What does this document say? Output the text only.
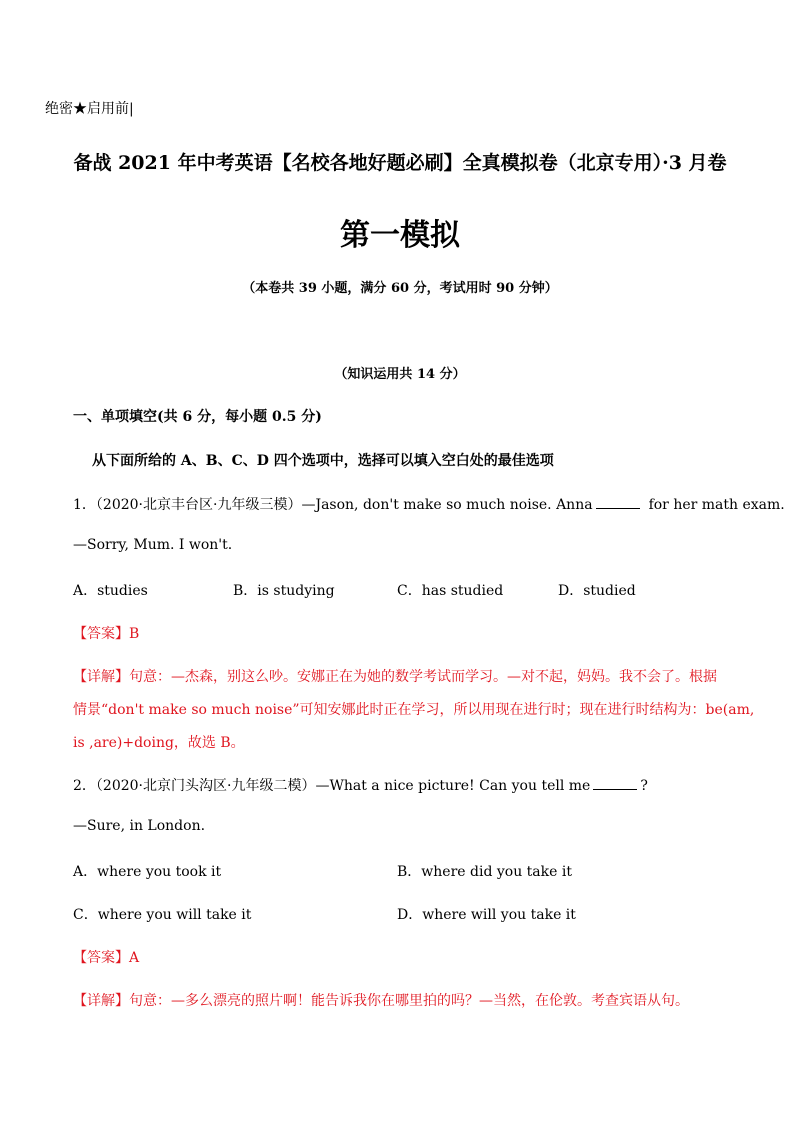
绝密★启用前|
备战 2021 年中考英语【名校各地好题必刷】全真模拟卷（北京专用）·3 月卷
第一模拟
（本卷共 39 小题，满分 60 分，考试用时 90 分钟）
（知识运用共 14 分）
一、单项填空(共 6 分，每小题 0.5 分)
从下面所给的 A、B、C、D 四个选项中，选择可以填入空白处的最佳选项
1．（2020·北京丰台区·九年级三模）—Jason, don't make so much noise. Anna	for her math exam.
—Sorry, Mum. I won't.
A．studies	B．is studying	C．has studied	D．studied
【答案】B
【详解】句意：—杰森，别这么吵。安娜正在为她的数学考试而学习。—对不起，妈妈。我不会了。根据
情景“don't make so much noise”可知安娜此时正在学习，所以用现在进行时；现在进行时结构为：be(am,
is ,are)+doing，故选 B。
2．（2020·北京门头沟区·九年级二模）—What a nice picture! Can you tell me	?
—Sure, in London.
A．where you took it	B．where did you take it
C．where you will take it	D．where will you take it
【答案】A
【详解】句意：—多么漂亮的照片啊！能告诉我你在哪里拍的吗？—当然，在伦敦。考查宾语从句。
